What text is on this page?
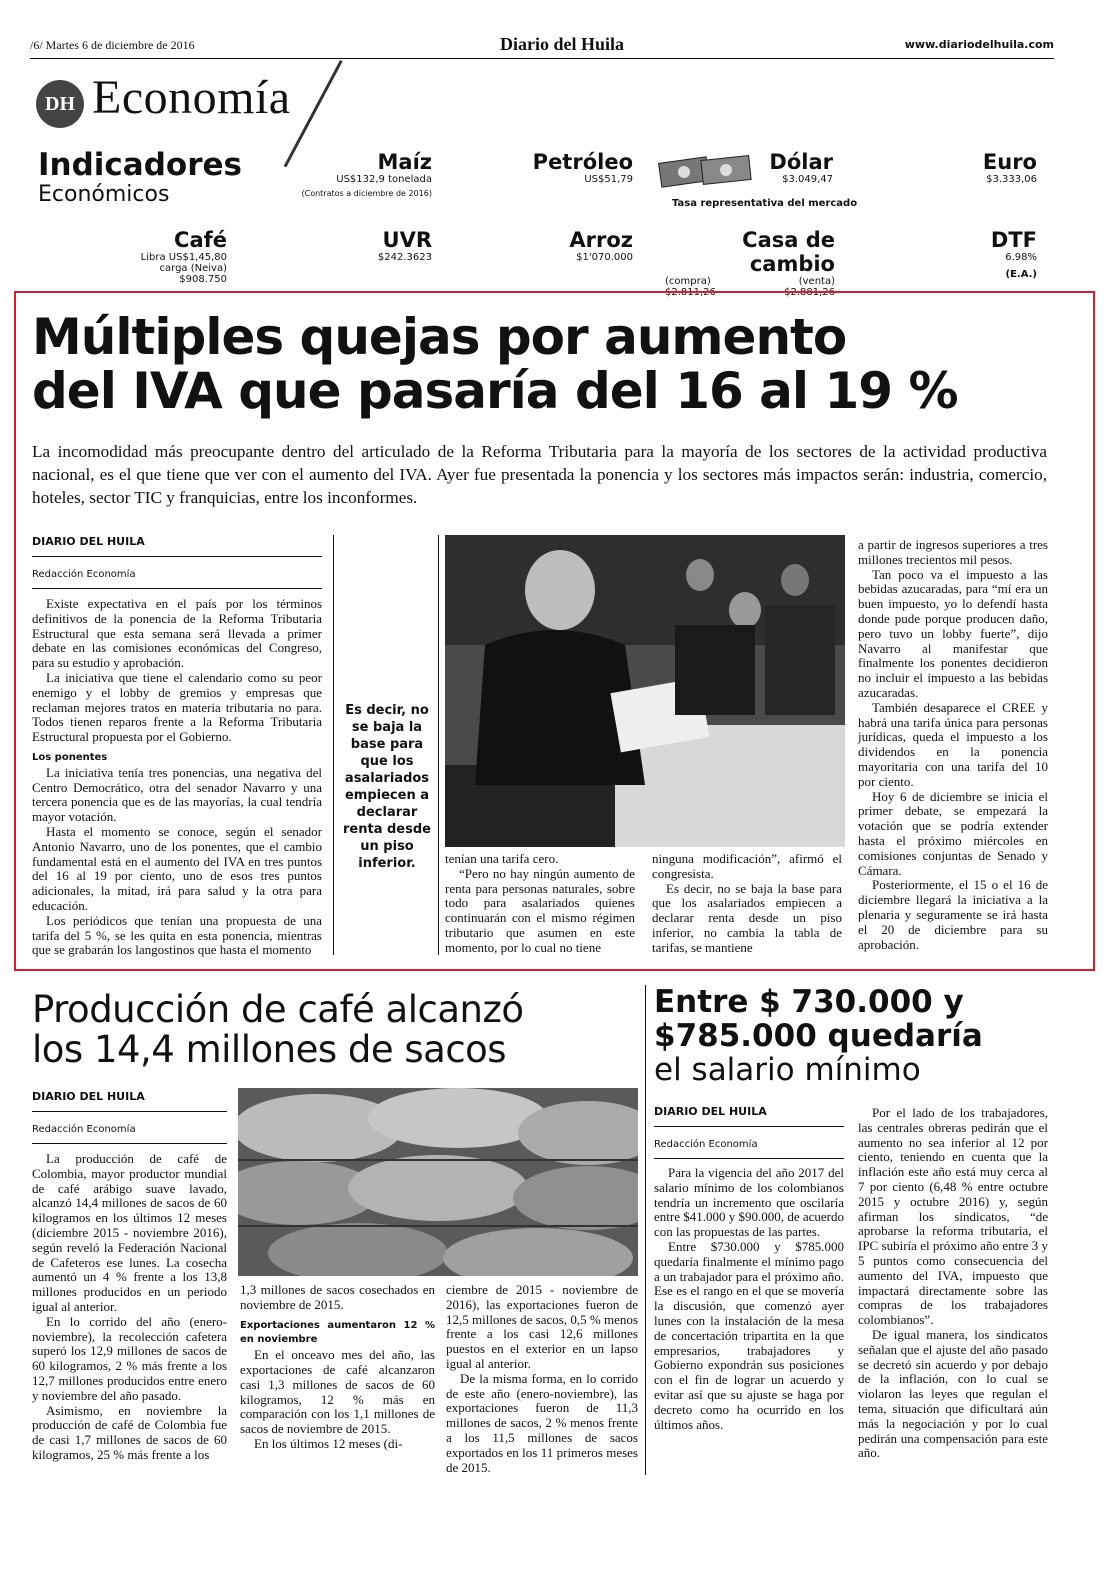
/6/ Martes 6 de diciembre de 2016	Diario del Huila	www.diariodelhuila.com
DH Economía
Indicadores
Económicos
Maíz
US$132,9 tonelada
(Contratos a diciembre de 2016)
Petróleo
US$51,79
Dólar
$3.049,47
Tasa representativa del mercado
Euro
$3.333,06
Café
Libra US$1,45,80
carga (Neiva) $908.750
UVR
$242.3623
Arroz
$1'070.000
Casa de cambio
(compra)	(venta)
$2.811,26	$2.881,26
DTF
6.98%
(E.A.)
Múltiples quejas por aumento
del IVA que pasaría del 16 al 19 %
La incomodidad más preocupante dentro del articulado de la Reforma Tributaria para la mayoría de los sectores de la actividad productiva nacional, es el que tiene que ver con el aumento del IVA. Ayer fue presentada la ponencia y los sectores más impactos serán: industria, comercio, hoteles, sector TIC y franquicias, entre los inconformes.
DIARIO DEL HUILA
Redacción Economía

Existe expectativa en el país por los términos definitivos de la ponencia de la Reforma Tributaria Estructural que esta semana será llevada a primer debate en las comisiones económicas del Congreso, para su estudio y aprobación.

La iniciativa que tiene el calendario como su peor enemigo y el lobby de gremios y empresas que reclaman mejores tratos en materia tributaria no para. Todos tienen reparos frente a la Reforma Tributaria Estructural propuesta por el Gobierno.

Los ponentes

La iniciativa tenía tres ponencias, una negativa del Centro Democrático, otra del senador Navarro y una tercera ponencia que es de las mayorías, la cual tendría mayor votación.

Hasta el momento se conoce, según el senador Antonio Navarro, uno de los ponentes, que el cambio fundamental está en el aumento del IVA en tres puntos del 16 al 19 por ciento, uno de esos tres puntos adicionales, la mitad, irá para salud y la otra para educación.

Los periódicos que tenían una propuesta de una tarifa del 5 %, se les quita en esta ponencia, mientras que se grabarán los langostinos que hasta el momento

Es decir, no se baja la base para que los asalariados empiecen a declarar renta desde un piso inferior.	tenían una tarifa cero.

“Pero no hay ningún aumento de renta para personas naturales, sobre todo para asalariados quienes continuarán con el mismo régimen tributario que asumen en este momento, por lo cual no tiene

ninguna modificación”, afirmó el congresista.

Es decir, no se baja la base para que los asalariados empiecen a declarar renta desde un piso inferior, no cambia la tabla de tarifas, se mantiene

a partir de ingresos superiores a tres millones trecientos mil pesos.

Tan poco va el impuesto a las bebidas azucaradas, para “mí era un buen impuesto, yo lo defendí hasta donde pude porque producen daño, pero tuvo un lobby fuerte”, dijo Navarro al manifestar que finalmente los ponentes decidieron no incluir el impuesto a las bebidas azucaradas.

También desaparece el CREE y habrá una tarifa única para personas jurídicas, queda el impuesto a los dividendos en la ponencia mayoritaria con una tarifa del 10 por ciento.

Hoy 6 de diciembre se inicia el primer debate, se empezará la votación que se podría extender hasta el próximo miércoles en comisiones conjuntas de Senado y Cámara.

Posteriormente, el 15 o el 16 de diciembre llegará la iniciativa a la plenaria y seguramente se irá hasta el 20 de diciembre para su aprobación.

Producción de café alcanzó
los 14,4 millones de sacos
DIARIO DEL HUILA
Redacción Economía

La producción de café de Colombia, mayor productor mundial de café arábigo suave lavado, alcanzó 14,4 millones de sacos de 60 kilogramos en los últimos 12 meses (diciembre 2015 - noviembre 2016), según reveló la Federación Nacional de Cafeteros ese lunes. La cosecha aumentó un 4 % frente a los 13,8 millones producidos en un periodo igual al anterior.

En lo corrido del año (enero-noviembre), la recolección cafetera superó los 12,9 millones de sacos de 60 kilogramos, 2 % más frente a los 12,7 millones producidos entre enero y noviembre del año pasado.

Asimismo, en noviembre la producción de café de Colombia fue de casi 1,7 millones de sacos de 60 kilogramos, 25 % más frente a los

1,3 millones de sacos cosechados en noviembre de 2015.

Exportaciones aumentaron 12 % en noviembre

En el onceavo mes del año, las exportaciones de café alcanzaron casi 1,3 millones de sacos de 60 kilogramos, 12 % más en comparación con los 1,1 millones de sacos de noviembre de 2015.

En los últimos 12 meses (di-

ciembre de 2015 - noviembre de 2016), las exportaciones fueron de 12,5 millones de sacos, 0,5 % menos frente a los casi 12,6 millones puestos en el exterior en un lapso igual al anterior.

De la misma forma, en lo corrido de este año (enero-noviembre), las exportaciones fueron de 11,3 millones de sacos, 2 % menos frente a los 11,5 millones de sacos exportados en los 11 primeros meses de 2015.

Entre $ 730.000 y
$785.000 quedaría
el salario mínimo
DIARIO DEL HUILA
Redacción Economía

Para la vigencia del año 2017 del salario mínimo de los colombianos tendría un incremento que oscilaría entre $41.000 y $90.000, de acuerdo con las propuestas de las partes.

Entre $730.000 y $785.000 quedaría finalmente el mínimo pago a un trabajador para el próximo año. Ese es el rango en el que se movería la discusión, que comenzó ayer lunes con la instalación de la mesa de concertación tripartita en la que empresarios, trabajadores y Gobierno expondrán sus posiciones con el fin de lograr un acuerdo y evitar así que su ajuste se haga por decreto como ha ocurrido en los últimos años.

Por el lado de los trabajadores, las centrales obreras pedirán que el aumento no sea inferior al 12 por ciento, teniendo en cuenta que la inflación este año está muy cerca al 7 por ciento (6,48 % entre octubre 2015 y octubre 2016) y, según afirman los sindicatos, “de aprobarse la reforma tributaria, el IPC subiría el próximo año entre 3 y 5 puntos como consecuencia del aumento del IVA, impuesto que impactará directamente sobre las compras de los trabajadores colombianos”.

De igual manera, los sindicatos señalan que el ajuste del año pasado se decretó sin acuerdo y por debajo de la inflación, con lo cual se violaron las leyes que regulan el tema, situación que dificultará aún más la negociación y por lo cual pedirán una compensación para este año.
